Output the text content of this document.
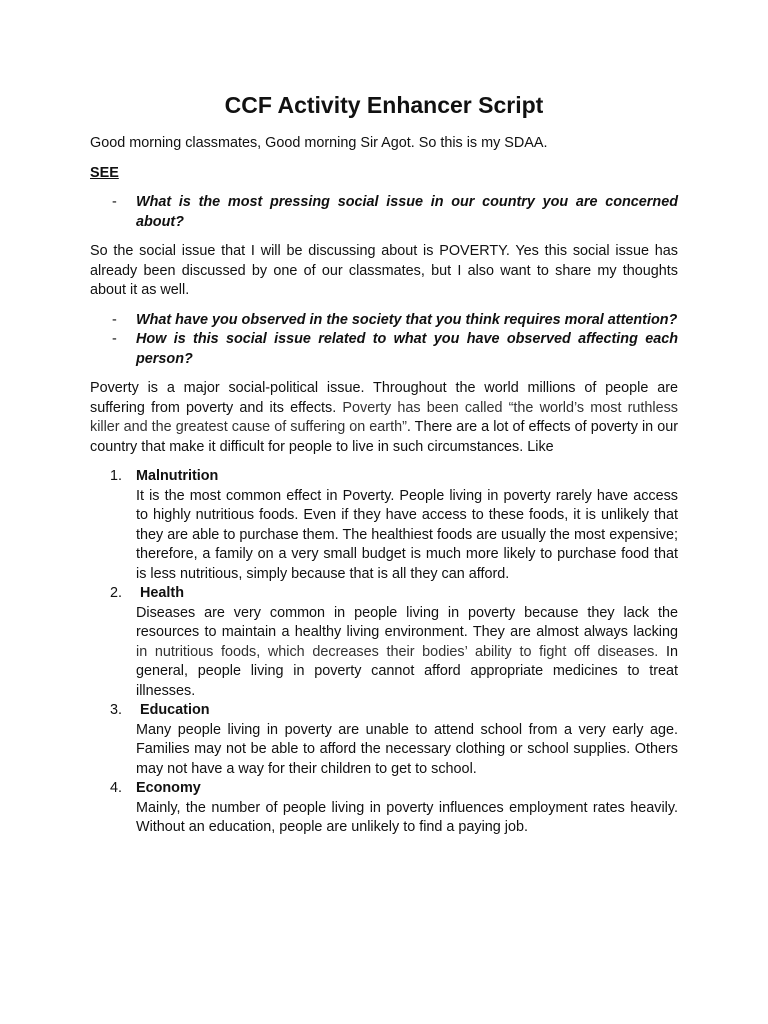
CCF Activity Enhancer Script

Good morning classmates, Good morning Sir Agot. So this is my SDAA.

SEE
- What is the most pressing social issue in our country you are concerned about?

So the social issue that I will be discussing about is POVERTY. Yes this social issue has already been discussed by one of our classmates, but I also want to share my thoughts about it as well.

- What have you observed in the society that you think requires moral attention?
- How is this social issue related to what you have observed affecting each person?

Poverty is a major social-political issue. Throughout the world millions of people are suffering from poverty and its effects. Poverty has been called “the world’s most ruthless killer and the greatest cause of suffering on earth”. There are a lot of effects of poverty in our country that make it difficult for people to live in such circumstances. Like

1. Malnutrition
It is the most common effect in Poverty. People living in poverty rarely have access to highly nutritious foods. Even if they have access to these foods, it is unlikely that they are able to purchase them. The healthiest foods are usually the most expensive; therefore, a family on a very small budget is much more likely to purchase food that is less nutritious, simply because that is all they can afford.
2. Health
Diseases are very common in people living in poverty because they lack the resources to maintain a healthy living environment. They are almost always lacking in nutritious foods, which decreases their bodies’ ability to fight off diseases. In general, people living in poverty cannot afford appropriate medicines to treat illnesses.
3. Education
Many people living in poverty are unable to attend school from a very early age. Families may not be able to afford the necessary clothing or school supplies. Others may not have a way for their children to get to school.
4. Economy
Mainly, the number of people living in poverty influences employment rates heavily. Without an education, people are unlikely to find a paying job.
